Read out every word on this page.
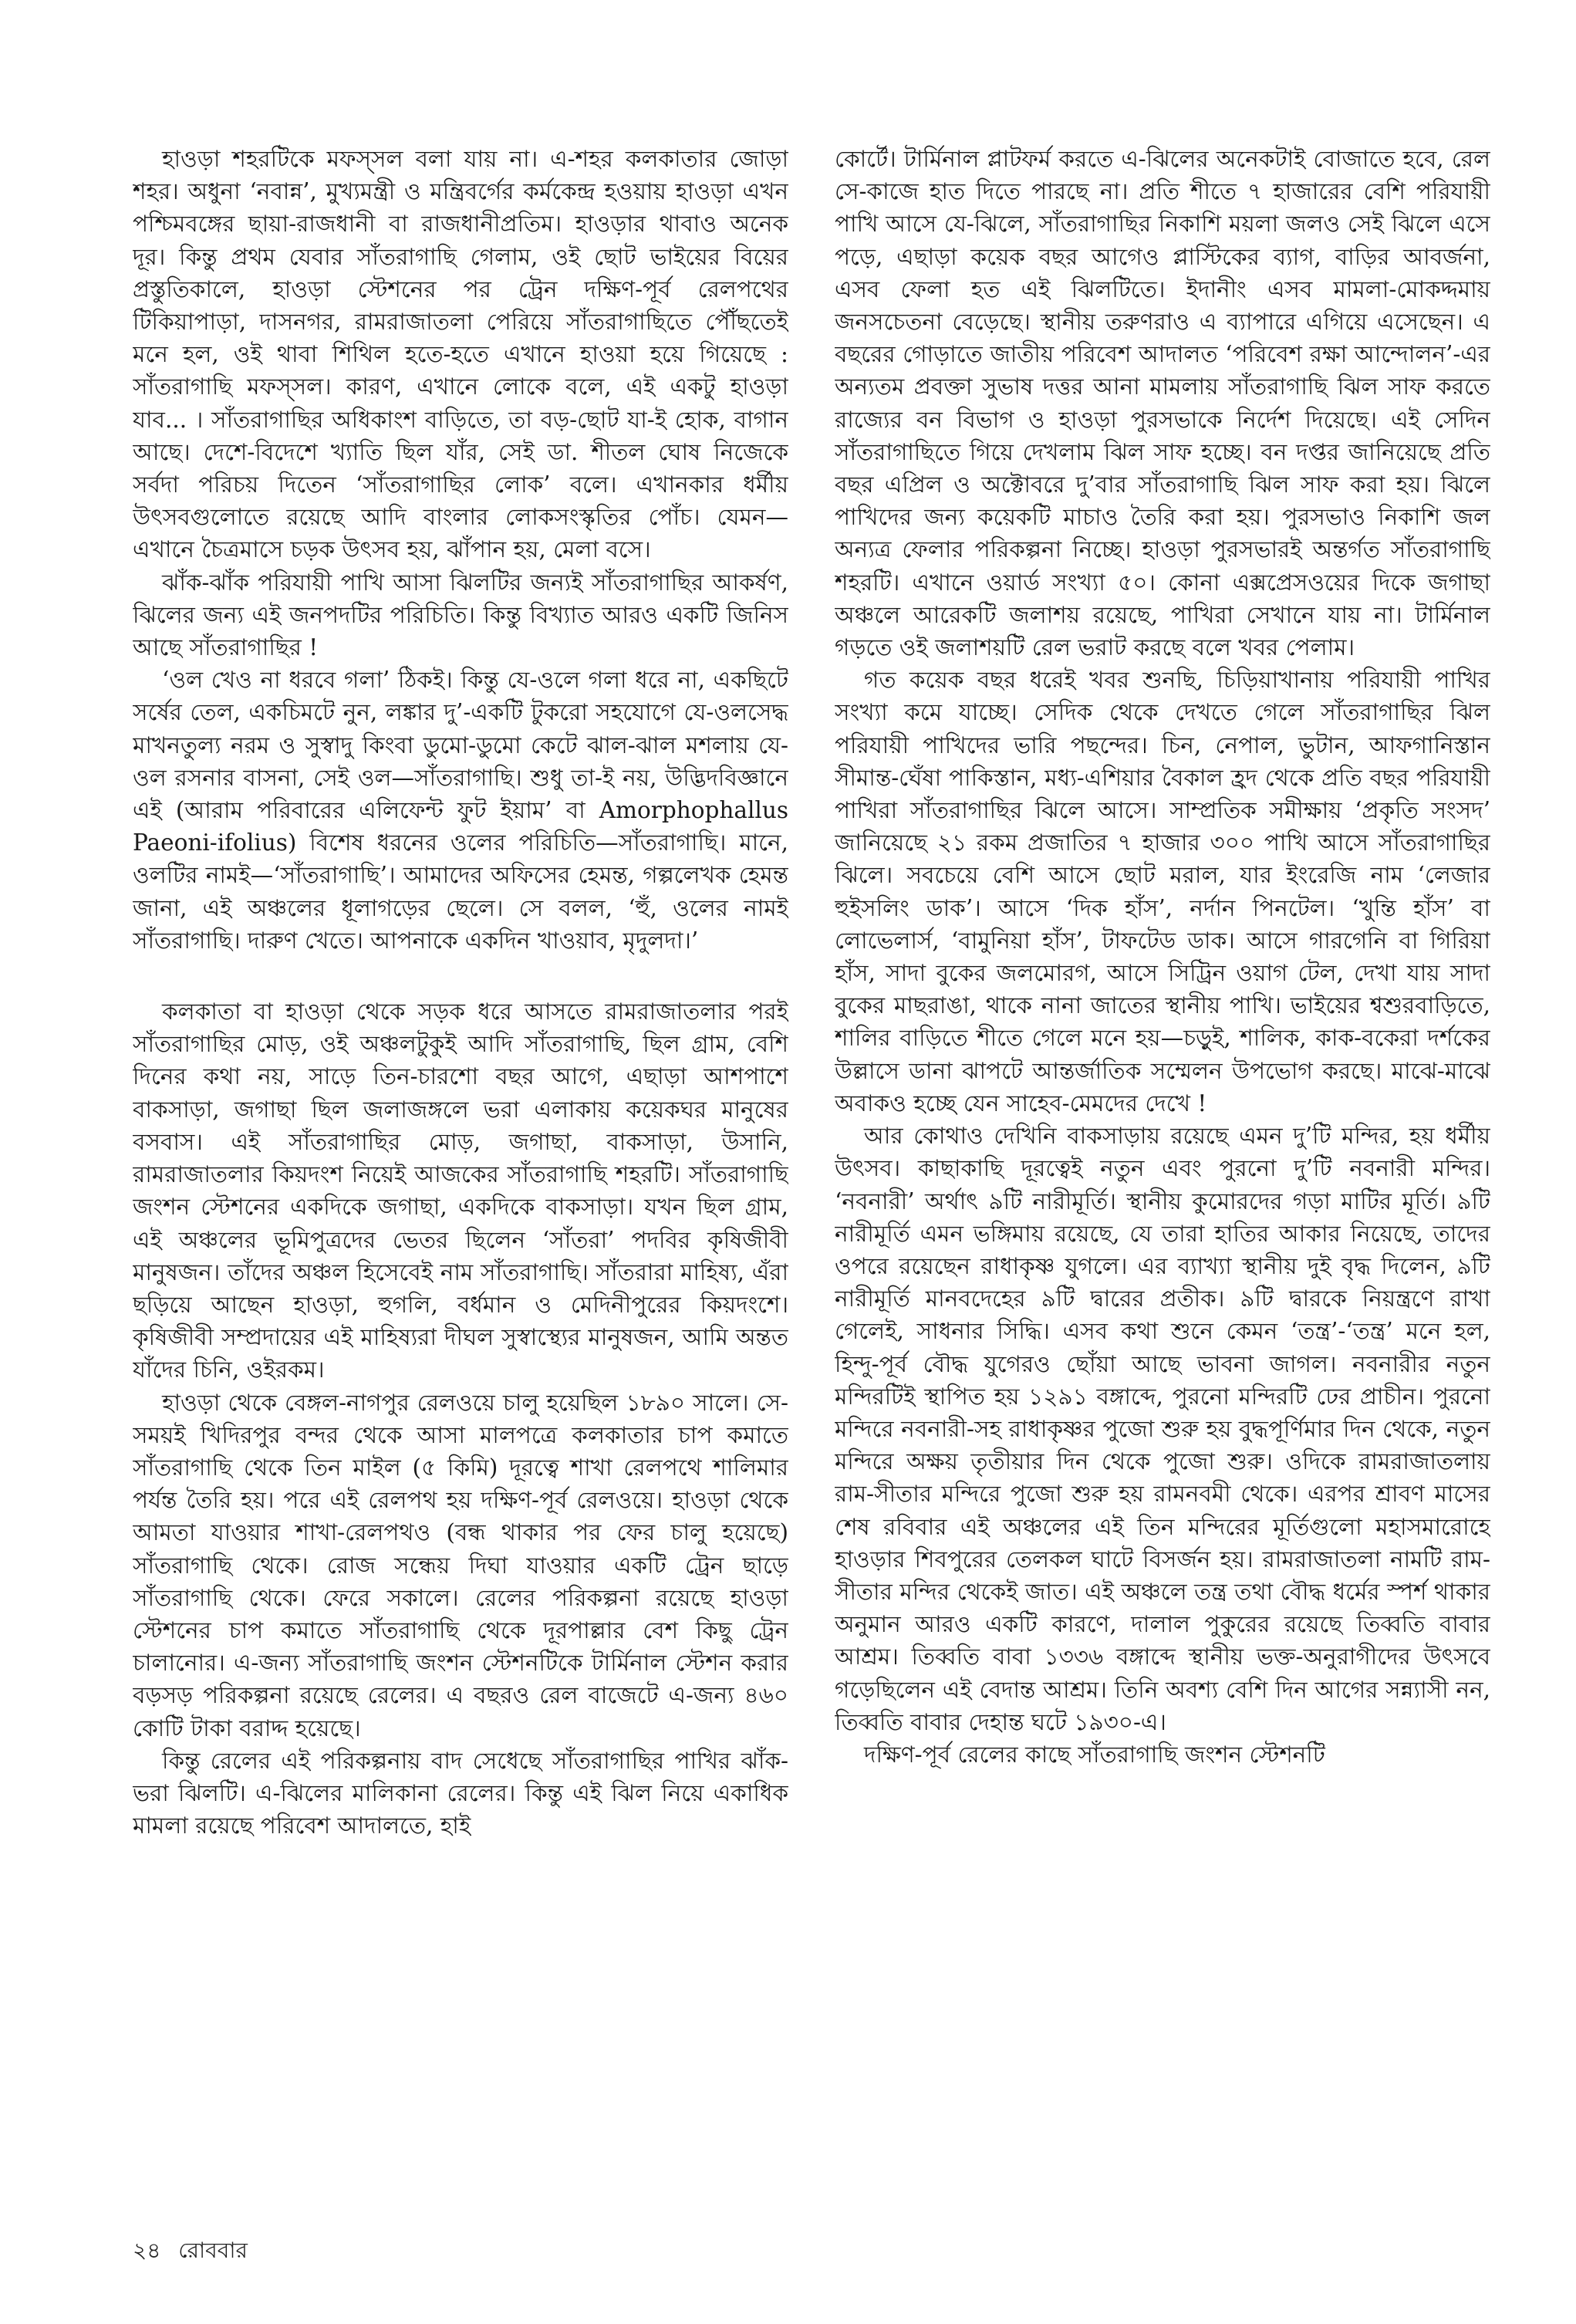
হাওড়া শহরটিকে মফস্সল বলা যায় না। এ-শহর কলকাতার জোড়া শহর। অধুনা ‘নবান্ন’, মুখ্যমন্ত্রী ও মন্ত্রিবর্গের কর্মকেন্দ্র হওয়ায় হাওড়া এখন পশ্চিমবঙ্গের ছায়া-রাজধানী বা রাজধানীপ্রতিম। হাওড়ার থাবাও অনেক দূর। কিন্তু প্রথম যেবার সাঁতরাগাছি গেলাম, ওই ছোট ভাইয়ের বিয়ের প্রস্তুতিকালে, হাওড়া স্টেশনের পর ট্রেন দক্ষিণ-পূর্ব রেলপথের টিকিয়াপাড়া, দাসনগর, রামরাজাতলা পেরিয়ে সাঁতরাগাছিতে পৌঁছতেই মনে হল, ওই থাবা শিথিল হতে-হতে এখানে হাওয়া হয়ে গিয়েছে : সাঁতরাগাছি মফস্সল। কারণ, এখানে লোকে বলে, এই একটু হাওড়া যাব... । সাঁতরাগাছির অধিকাংশ বাড়িতে, তা বড়-ছোট যা-ই হোক, বাগান আছে। দেশে-বিদেশে খ্যাতি ছিল যাঁর, সেই ডা. শীতল ঘোষ নিজেকে সর্বদা পরিচয় দিতেন ‘সাঁতরাগাছির লোক’ বলে। এখানকার ধর্মীয় উৎসবগুলোতে রয়েছে আদি বাংলার লোকসংস্কৃতির পোঁচ। যেমন—এখানে চৈত্রমাসে চড়ক উৎসব হয়, ঝাঁপান হয়, মেলা বসে।

ঝাঁক-ঝাঁক পরিযায়ী পাখি আসা ঝিলটির জন্যই সাঁতরাগাছির আকর্ষণ, ঝিলের জন্য এই জনপদটির পরিচিতি। কিন্তু বিখ্যাত আরও একটি জিনিস আছে সাঁতরাগাছির !

‘ওল খেও না ধরবে গলা’ ঠিকই। কিন্তু যে-ওলে গলা ধরে না, একছিটে সর্ষের তেল, একচিমটে নুন, লঙ্কার দু’-একটি টুকরো সহযোগে যে-ওলসেদ্ধ মাখনতুল্য নরম ও সুস্বাদু কিংবা ডুমো-ডুমো কেটে ঝাল-ঝাল মশলায় যে-ওল রসনার বাসনা, সেই ওল—সাঁতরাগাছি। শুধু তা-ই নয়, উদ্ভিদবিজ্ঞানে এই (আরাম পরিবারের এলিফেন্ট ফুট ইয়াম’ বা Amorphophallus Paeoni-ifolius) বিশেষ ধরনের ওলের পরিচিতি—সাঁতরাগাছি। মানে, ওলটির নামই—‘সাঁতরাগাছি’। আমাদের অফিসের হেমন্ত, গল্পলেখক হেমন্ত জানা, এই অঞ্চলের ধূলাগড়ের ছেলে। সে বলল, ‘হুঁ, ওলের নামই সাঁতরাগাছি। দারুণ খেতে। আপনাকে একদিন খাওয়াব, মৃদুলদা।’

কলকাতা বা হাওড়া থেকে সড়ক ধরে আসতে রামরাজাতলার পরই সাঁতরাগাছির মোড়, ওই অঞ্চলটুকুই আদি সাঁতরাগাছি, ছিল গ্রাম, বেশি দিনের কথা নয়, সাড়ে তিন-চারশো বছর আগে, এছাড়া আশপাশে বাকসাড়া, জগাছা ছিল জলাজঙ্গলে ভরা এলাকায় কয়েকঘর মানুষের বসবাস। এই সাঁতরাগাছির মোড়, জগাছা, বাকসাড়া, উসানি, রামরাজাতলার কিয়দংশ নিয়েই আজকের সাঁতরাগাছি শহরটি। সাঁতরাগাছি জংশন স্টেশনের একদিকে জগাছা, একদিকে বাকসাড়া। যখন ছিল গ্রাম, এই অঞ্চলের ভূমিপুত্রদের ভেতর ছিলেন ‘সাঁতরা’ পদবির কৃষিজীবী মানুষজন। তাঁদের অঞ্চল হিসেবেই নাম সাঁতরাগাছি। সাঁতরারা মাহিষ্য, এঁরা ছড়িয়ে আছেন হাওড়া, হুগলি, বর্ধমান ও মেদিনীপুরের কিয়দংশে। কৃষিজীবী সম্প্রদায়ের এই মাহিষ্যরা দীঘল সুস্বাস্থ্যের মানুষজন, আমি অন্তত যাঁদের চিনি, ওইরকম।

হাওড়া থেকে বেঙ্গল-নাগপুর রেলওয়ে চালু হয়েছিল ১৮৯০ সালে। সে-সময়ই খিদিরপুর বন্দর থেকে আসা মালপত্রে কলকাতার চাপ কমাতে সাঁতরাগাছি থেকে তিন মাইল (৫ কিমি) দূরত্বে শাখা রেলপথে শালিমার পর্যন্ত তৈরি হয়। পরে এই রেলপথ হয় দক্ষিণ-পূর্ব রেলওয়ে। হাওড়া থেকে আমতা যাওয়ার শাখা-রেলপথও (বন্ধ থাকার পর ফের চালু হয়েছে) সাঁতরাগাছি থেকে। রোজ সন্ধেয় দিঘা যাওয়ার একটি ট্রেন ছাড়ে সাঁতরাগাছি থেকে। ফেরে সকালে। রেলের পরিকল্পনা রয়েছে হাওড়া স্টেশনের চাপ কমাতে সাঁতরাগাছি থেকে দূরপাল্লার বেশ কিছু ট্রেন চালানোর। এ-জন্য সাঁতরাগাছি জংশন স্টেশনটিকে টার্মিনাল স্টেশন করার বড়সড় পরিকল্পনা রয়েছে রেলের। এ বছরও রেল বাজেটে এ-জন্য ৪৬০ কোটি টাকা বরাদ্দ হয়েছে।

কিন্তু রেলের এই পরিকল্পনায় বাদ সেধেছে সাঁতরাগাছির পাখির ঝাঁক-ভরা ঝিলটি। এ-ঝিলের মালিকানা রেলের। কিন্তু এই ঝিল নিয়ে একাধিক মামলা রয়েছে পরিবেশ আদালতে, হাই

কোর্টে। টার্মিনাল প্লাটফর্ম করতে এ-ঝিলের অনেকটাই বোজাতে হবে, রেল সে-কাজে হাত দিতে পারছে না। প্রতি শীতে ৭ হাজারের বেশি পরিযায়ী পাখি আসে যে-ঝিলে, সাঁতরাগাছির নিকাশি ময়লা জলও সেই ঝিলে এসে পড়ে, এছাড়া কয়েক বছর আগেও প্লাস্টিকের ব্যাগ, বাড়ির আবর্জনা, এসব ফেলা হত এই ঝিলটিতে। ইদানীং এসব মামলা-মোকদ্দমায় জনসচেতনা বেড়েছে। স্থানীয় তরুণরাও এ ব্যাপারে এগিয়ে এসেছেন। এ বছরের গোড়াতে জাতীয় পরিবেশ আদালত ‘পরিবেশ রক্ষা আন্দোলন’-এর অন্যতম প্রবক্তা সুভাষ দত্তর আনা মামলায় সাঁতরাগাছি ঝিল সাফ করতে রাজ্যের বন বিভাগ ও হাওড়া পুরসভাকে নির্দেশ দিয়েছে। এই সেদিন সাঁতরাগাছিতে গিয়ে দেখলাম ঝিল সাফ হচ্ছে। বন দপ্তর জানিয়েছে প্রতি বছর এপ্রিল ও অক্টোবরে দু’বার সাঁতরাগাছি ঝিল সাফ করা হয়। ঝিলে পাখিদের জন্য কয়েকটি মাচাও তৈরি করা হয়। পুরসভাও নিকাশি জল অন্যত্র ফেলার পরিকল্পনা নিচ্ছে। হাওড়া পুরসভারই অন্তর্গত সাঁতরাগাছি শহরটি। এখানে ওয়ার্ড সংখ্যা ৫০। কোনা এক্সপ্রেসওয়ের দিকে জগাছা অঞ্চলে আরেকটি জলাশয় রয়েছে, পাখিরা সেখানে যায় না। টার্মিনাল গড়তে ওই জলাশয়টি রেল ভরাট করছে বলে খবর পেলাম।

গত কয়েক বছর ধরেই খবর শুনছি, চিড়িয়াখানায় পরিযায়ী পাখির সংখ্যা কমে যাচ্ছে। সেদিক থেকে দেখতে গেলে সাঁতরাগাছির ঝিল পরিযায়ী পাখিদের ভারি পছন্দের। চিন, নেপাল, ভুটান, আফগানিস্তান সীমান্ত-ঘেঁষা পাকিস্তান, মধ্য-এশিয়ার বৈকাল হ্রদ থেকে প্রতি বছর পরিযায়ী পাখিরা সাঁতরাগাছির ঝিলে আসে। সাম্প্রতিক সমীক্ষায় ‘প্রকৃতি সংসদ’ জানিয়েছে ২১ রকম প্রজাতির ৭ হাজার ৩০০ পাখি আসে সাঁতরাগাছির ঝিলে। সবচেয়ে বেশি আসে ছোট মরাল, যার ইংরেজি নাম ‘লেজার হুইসলিং ডাক’। আসে ‘দিক হাঁস’, নর্দান পিনটেল। ‘খুন্তি হাঁস’ বা লোভেলার্স, ‘বামুনিয়া হাঁস’, টাফটেড ডাক। আসে গারগেনি বা গিরিয়া হাঁস, সাদা বুকের জলমোরগ, আসে সিট্রিন ওয়াগ টেল, দেখা যায় সাদা বুকের মাছরাঙা, থাকে নানা জাতের স্থানীয় পাখি। ভাইয়ের শ্বশুরবাড়িতে, শালির বাড়িতে শীতে গেলে মনে হয়—চড়ুই, শালিক, কাক-বকেরা দর্শকের উল্লাসে ডানা ঝাপটে আন্তর্জাতিক সম্মেলন উপভোগ করছে। মাঝে-মাঝে অবাকও হচ্ছে যেন সাহেব-মেমদের দেখে !

আর কোথাও দেখিনি বাকসাড়ায় রয়েছে এমন দু’টি মন্দির, হয় ধর্মীয় উৎসব। কাছাকাছি দূরত্বেই নতুন এবং পুরনো দু’টি নবনারী মন্দির। ‘নবনারী’ অর্থাৎ ৯টি নারীমূর্তি। স্থানীয় কুমোরদের গড়া মাটির মূর্তি। ৯টি নারীমূর্তি এমন ভঙ্গিমায় রয়েছে, যে তারা হাতির আকার নিয়েছে, তাদের ওপরে রয়েছেন রাধাকৃষ্ণ যুগলে। এর ব্যাখ্যা স্থানীয় দুই বৃদ্ধ দিলেন, ৯টি নারীমূর্তি মানবদেহের ৯টি দ্বারের প্রতীক। ৯টি দ্বারকে নিয়ন্ত্রণে রাখা গেলেই, সাধনার সিদ্ধি। এসব কথা শুনে কেমন ‘তন্ত্র’-‘তন্ত্র’ মনে হল, হিন্দু-পূর্ব বৌদ্ধ যুগেরও ছোঁয়া আছে ভাবনা জাগল। নবনারীর নতুন মন্দিরটিই স্থাপিত হয় ১২৯১ বঙ্গাব্দে, পুরনো মন্দিরটি ঢের প্রাচীন। পুরনো মন্দিরে নবনারী-সহ রাধাকৃষ্ণর পুজো শুরু হয় বুদ্ধপূর্ণিমার দিন থেকে, নতুন মন্দিরে অক্ষয় তৃতীয়ার দিন থেকে পুজো শুরু। ওদিকে রামরাজাতলায় রাম-সীতার মন্দিরে পুজো শুরু হয় রামনবমী থেকে। এরপর শ্রাবণ মাসের শেষ রবিবার এই অঞ্চলের এই তিন মন্দিরের মূর্তিগুলো মহাসমারোহে হাওড়ার শিবপুরের তেলকল ঘাটে বিসর্জন হয়। রামরাজাতলা নামটি রাম-সীতার মন্দির থেকেই জাত। এই অঞ্চলে তন্ত্র তথা বৌদ্ধ ধর্মের স্পর্শ থাকার অনুমান আরও একটি কারণে, দালাল পুকুরের রয়েছে তিব্বতি বাবার আশ্রম। তিব্বতি বাবা ১৩৩৬ বঙ্গাব্দে স্থানীয় ভক্ত-অনুরাগীদের উৎসবে গড়েছিলেন এই বেদান্ত আশ্রম। তিনি অবশ্য বেশি দিন আগের সন্ন্যাসী নন, তিব্বতি বাবার দেহান্ত ঘটে ১৯৩০-এ।

দক্ষিণ-পূর্ব রেলের কাছে সাঁতরাগাছি জংশন স্টেশনটি

২৪ রোববার
